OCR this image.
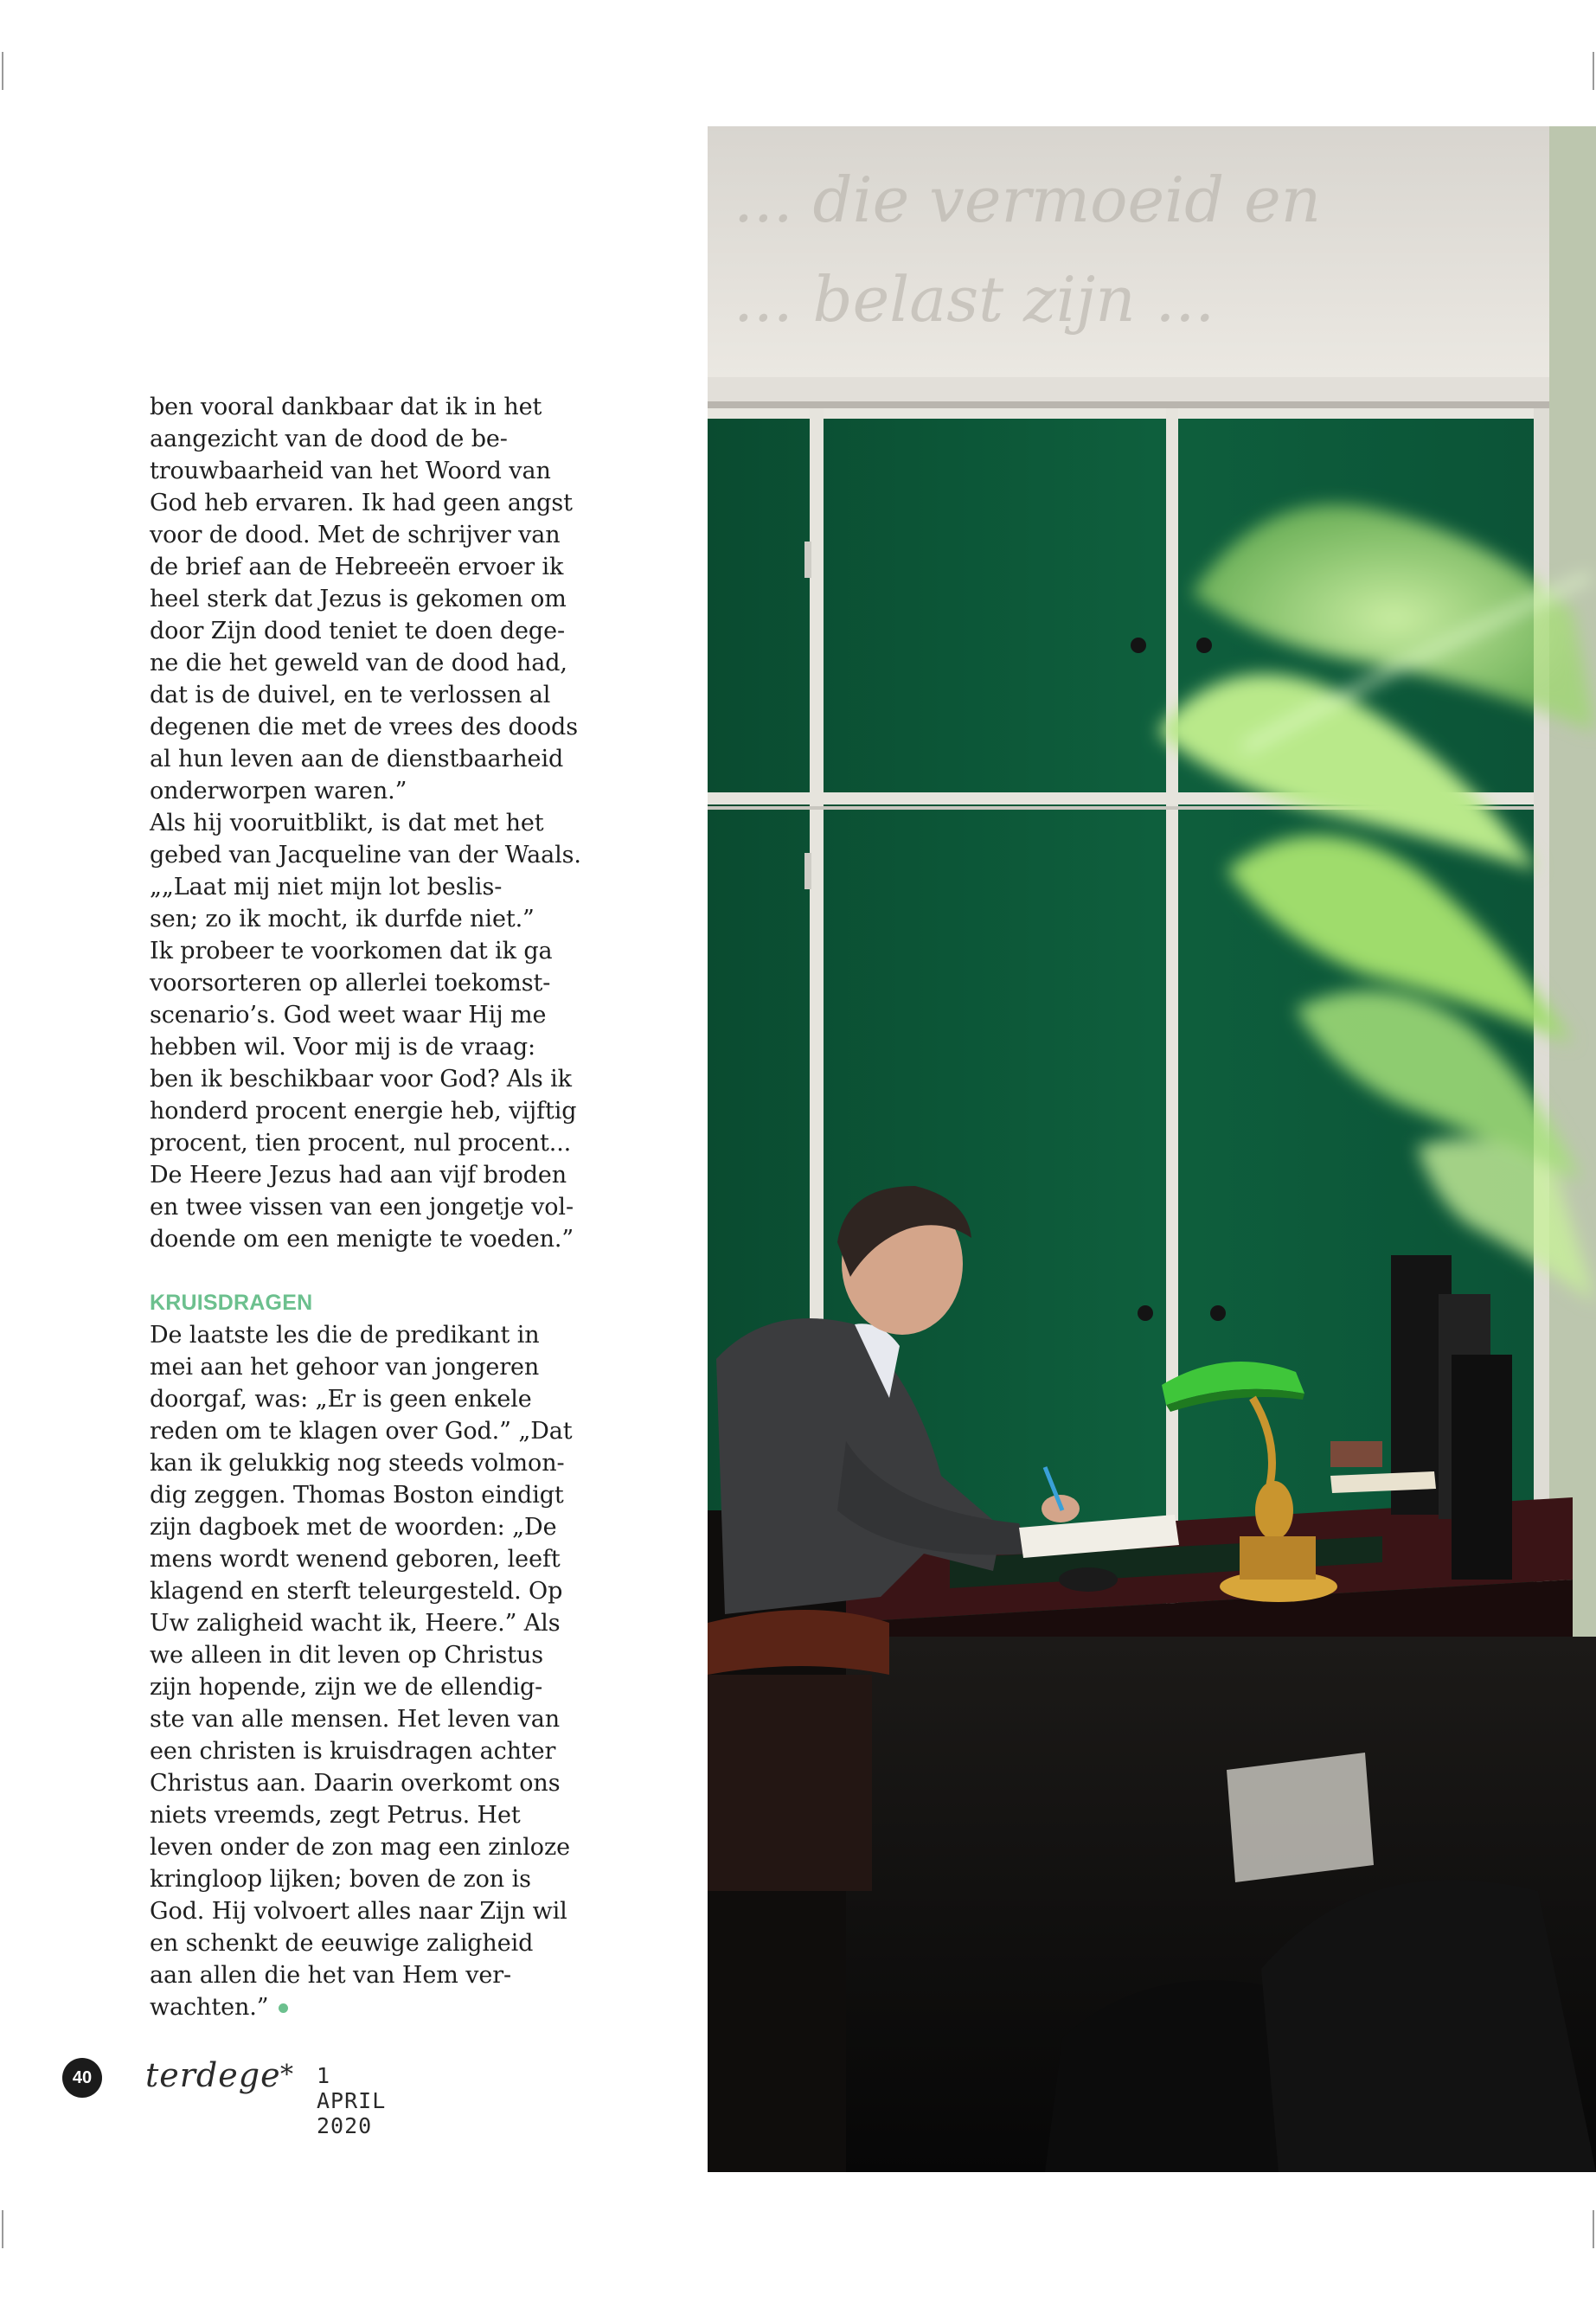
ben vooral dankbaar dat ik in het
aangezicht van de dood de be-
trouwbaarheid van het Woord van
God heb ervaren. Ik had geen angst
voor de dood. Met de schrijver van
de brief aan de Hebreeën ervoer ik
heel sterk dat Jezus is gekomen om
door Zijn dood teniet te doen dege-
ne die het geweld van de dood had,
dat is de duivel, en te verlossen al
degenen die met de vrees des doods
al hun leven aan de dienstbaarheid
onderworpen waren.”
Als hij vooruitblikt, is dat met het
gebed van Jacqueline van der Waals.
„„Laat mij niet mijn lot beslis-
sen; zo ik mocht, ik durfde niet.”
Ik probeer te voorkomen dat ik ga
voorsorteren op allerlei toekomst-
scenario’s. God weet waar Hij me
hebben wil. Voor mij is de vraag:
ben ik beschikbaar voor God? Als ik
honderd procent energie heb, vijftig
procent, tien procent, nul procent...
De Heere Jezus had aan vijf broden
en twee vissen van een jongetje vol-
doende om een menigte te voeden.”
KRUISDRAGEN
De laatste les die de predikant in
mei aan het gehoor van jongeren
doorgaf, was: „Er is geen enkele
reden om te klagen over God.” „Dat
kan ik gelukkig nog steeds volmon-
dig zeggen. Thomas Boston eindigt
zijn dagboek met de woorden: „De
mens wordt wenend geboren, leeft
klagend en sterft teleurgesteld. Op
Uw zaligheid wacht ik, Heere.” Als
we alleen in dit leven op Christus
zijn hopende, zijn we de ellendig-
ste van alle mensen. Het leven van
een christen is kruisdragen achter
Christus aan. Daarin overkomt ons
niets vreemds, zegt Petrus. Het
leven onder de zon mag een zinloze
kringloop lijken; boven de zon is
God. Hij volvoert alles naar Zijn wil
en schenkt de eeuwige zaligheid
aan allen die het van Hem ver-
wachten.”
40	terdege * 1 APRIL 2020
... die vermoeid en
... belast zijn ...
